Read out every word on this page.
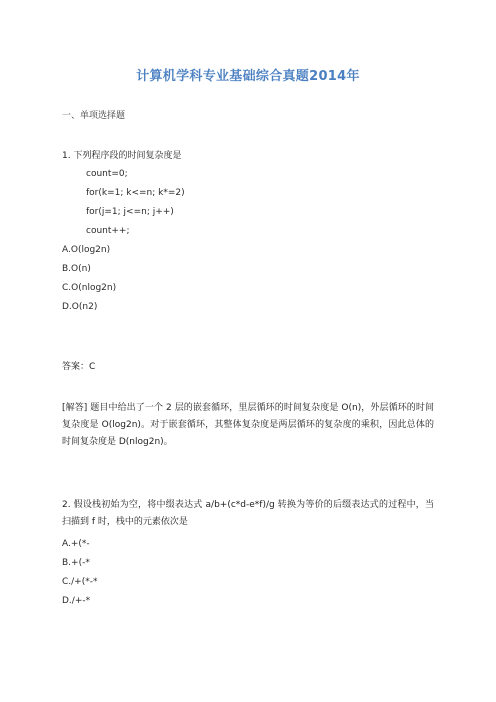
计算机学科专业基础综合真题2014年
一、单项选择题
1. 下列程序段的时间复杂度是
count=0;
for(k=1; k<=n; k*=2)
for(j=1; j<=n; j++)
count++;
A.O(log2n)
B.O(n)
C.O(nlog2n)
D.O(n2)
答案：C
[解答] 题目中给出了一个 2 层的嵌套循环，里层循环的时间复杂度是 O(n)，外层循环的时间复杂度是 O(log2n)。对于嵌套循环，其整体复杂度是两层循环的复杂度的乘积，因此总体的时间复杂度是 D(nlog2n)。
2. 假设栈初始为空，将中缀表达式 a/b+(c*d-e*f)/g 转换为等价的后缀表达式的过程中，当扫描到 f 时，栈中的元素依次是
A.+(*-
B.+(-*
C./+(*-*
D./+-*
